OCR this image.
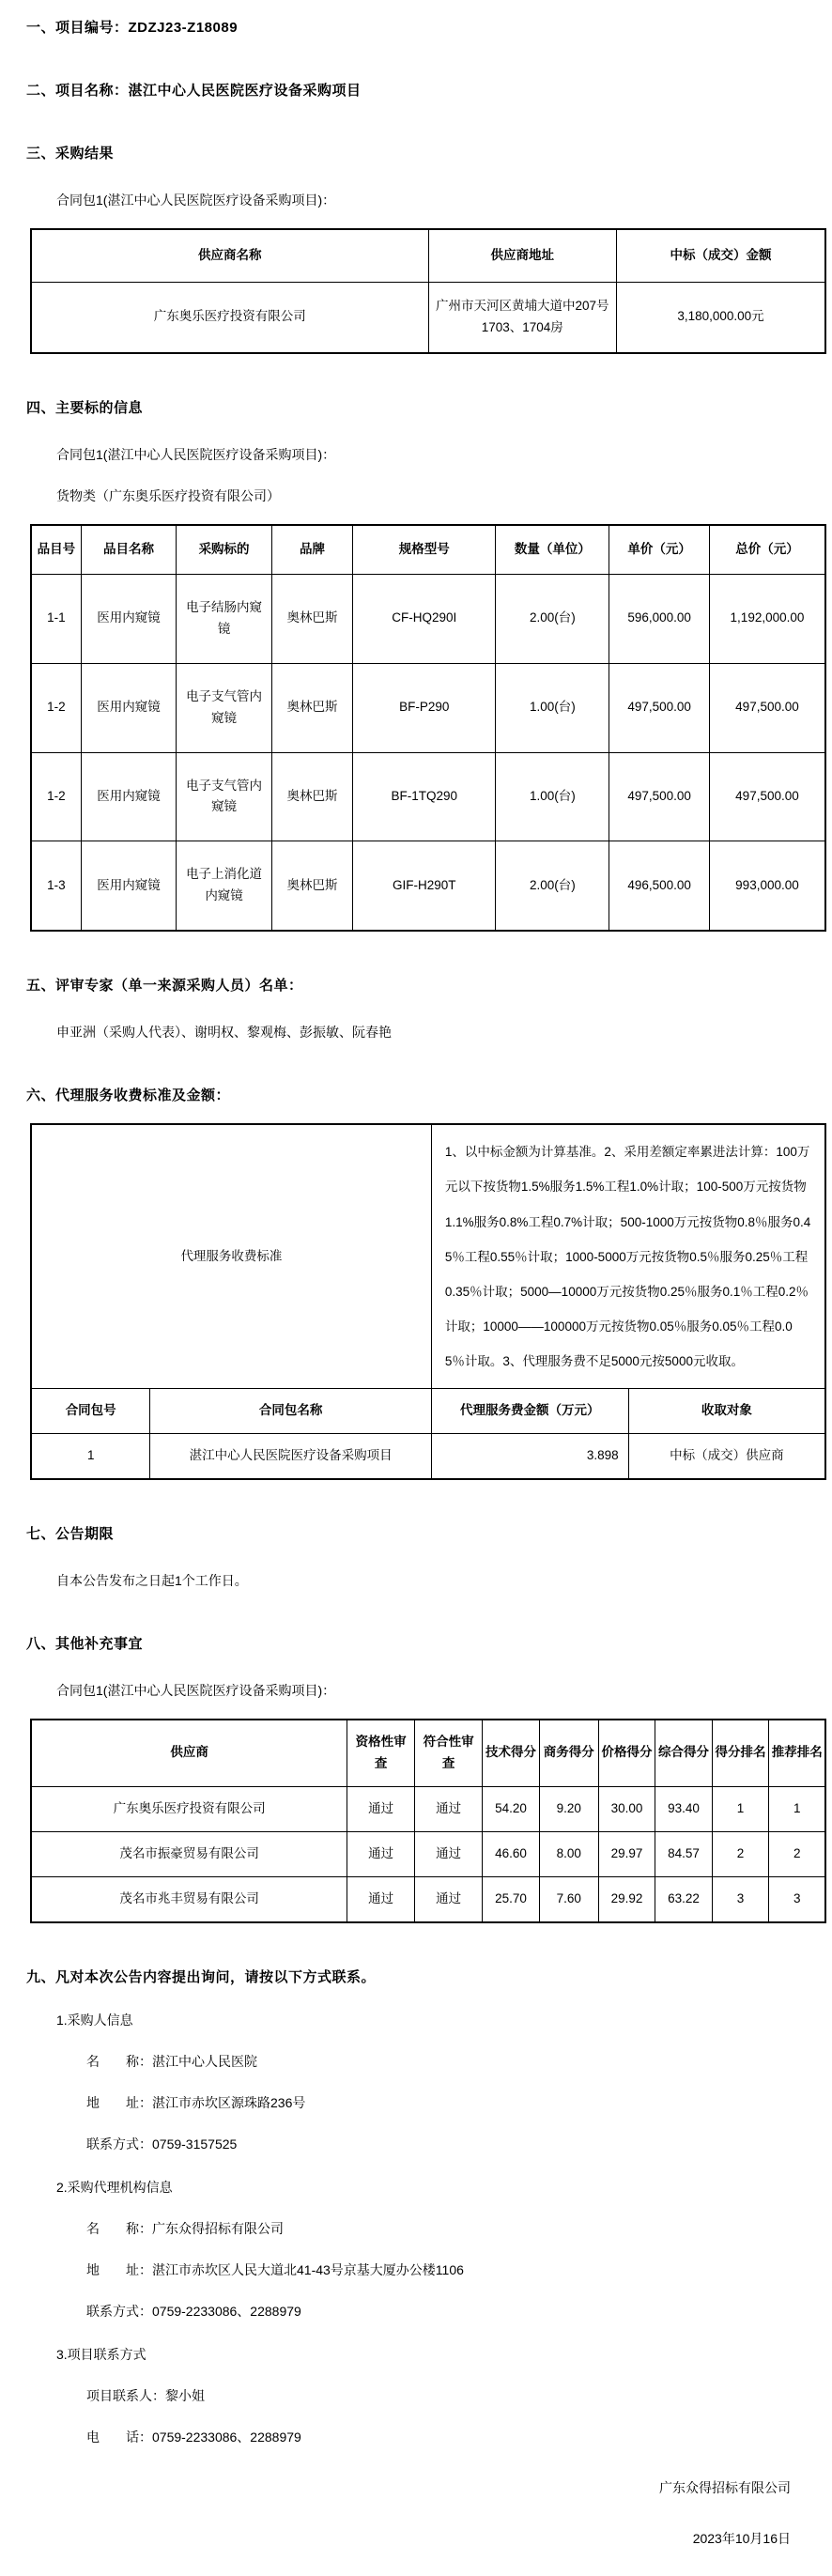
一、项目编号：ZDZJ23-Z18089
二、项目名称：湛江中心人民医院医疗设备采购项目
三、采购结果
合同包1(湛江中心人民医院医疗设备采购项目)：
供应商名称	供应商地址	中标（成交）金额
广东奥乐医疗投资有限公司	广州市天河区黄埔大道中207号1703、1704房	3,180,000.00元
四、主要标的信息
合同包1(湛江中心人民医院医疗设备采购项目)：
货物类（广东奥乐医疗投资有限公司）
品目号	品目名称	采购标的	品牌	规格型号	数量（单位）	单价（元）	总价（元）
1-1	医用内窥镜	电子结肠内窥镜	奥林巴斯	CF-HQ290I	2.00(台)	596,000.00	1,192,000.00
1-2	医用内窥镜	电子支气管内窥镜	奥林巴斯	BF-P290	1.00(台)	497,500.00	497,500.00
1-2	医用内窥镜	电子支气管内窥镜	奥林巴斯	BF-1TQ290	1.00(台)	497,500.00	497,500.00
1-3	医用内窥镜	电子上消化道内窥镜	奥林巴斯	GIF-H290T	2.00(台)	496,500.00	993,000.00
五、评审专家（单一来源采购人员）名单：
申亚洲（采购人代表）、谢明权、黎观梅、彭振敏、阮春艳
六、代理服务收费标准及金额：
代理服务收费标准		1、以中标金额为计算基准。2、采用差额定率累进法计算：100万元以下按货物1.5%服务1.5%工程1.0%计取；100-500万元按货物1.1%服务0.8%工程0.7%计取；500-1000万元按货物0.8％服务0.45％工程0.55％计取；1000-5000万元按货物0.5％服务0.25％工程0.35％计取；5000—10000万元按货物0.25％服务0.1％工程0.2％计取；10000——100000万元按货物0.05％服务0.05％工程0.05％计取。3、代理服务费不足5000元按5000元收取。	
合同包号	合同包名称	代理服务费金额（万元）	收取对象
1	湛江中心人民医院医疗设备采购项目	3.898	中标（成交）供应商
七、公告期限
自本公告发布之日起1个工作日。
八、其他补充事宜
合同包1(湛江中心人民医院医疗设备采购项目)：
供应商	资格性审查	符合性审查	技术得分	商务得分	价格得分	综合得分	得分排名	推荐排名
广东奥乐医疗投资有限公司	通过	通过	54.20	9.20	30.00	93.40	1	1
茂名市振豪贸易有限公司	通过	通过	46.60	8.00	29.97	84.57	2	2
茂名市兆丰贸易有限公司	通过	通过	25.70	7.60	29.92	63.22	3	3
九、凡对本次公告内容提出询问，请按以下方式联系。
1.采购人信息
名　　称：湛江中心人民医院
地　　址：湛江市赤坎区源珠路236号
联系方式：0759-3157525
2.采购代理机构信息
名　　称：广东众得招标有限公司
地　　址：湛江市赤坎区人民大道北41-43号京基大厦办公楼1106
联系方式：0759-2233086、2288979
3.项目联系方式
项目联系人：黎小姐
电　　话：0759-2233086、2288979
广东众得招标有限公司
2023年10月16日
